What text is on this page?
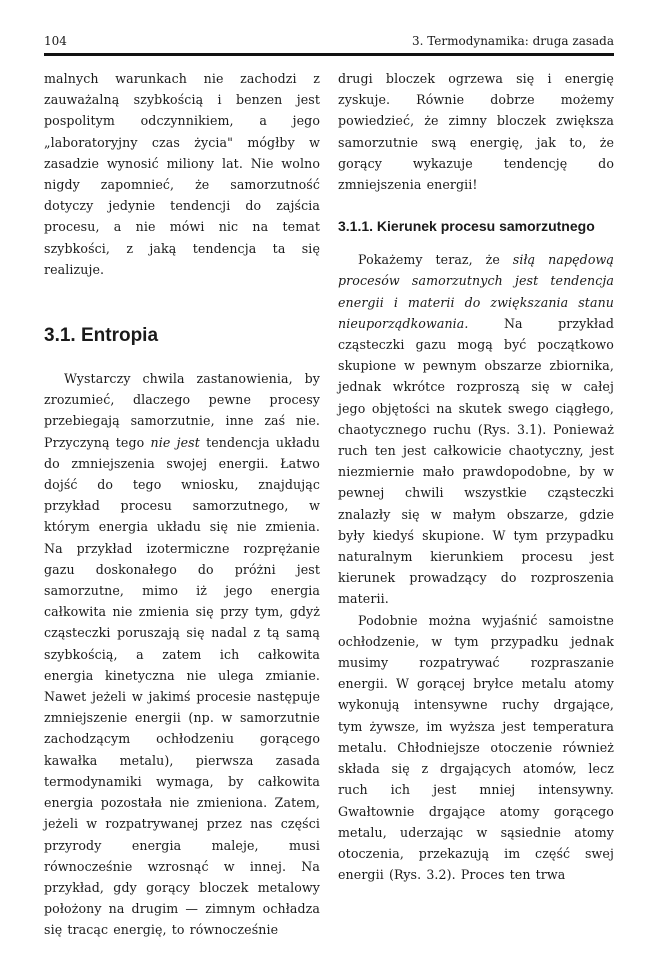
104	3. Termodynamika: druga zasada

malnych warunkach nie zachodzi z zauważalną szybkością i benzen jest pospolitym odczynnikiem, a jego „laboratoryjny czas życia" mógłby w zasadzie wynosić miliony lat. Nie wolno nigdy zapomnieć, że samorzutność dotyczy jedynie tendencji do zajścia procesu, a nie mówi nic na temat szybkości, z jaką tendencja ta się realizuje.

3.1. Entropia

Wystarczy chwila zastanowienia, by zrozumieć, dlaczego pewne procesy przebiegają samorzutnie, inne zaś nie. Przyczyną tego nie jest tendencja układu do zmniejszenia swojej energii. Łatwo dojść do tego wniosku, znajdując przykład procesu samorzutnego, w którym energia układu się nie zmienia. Na przykład izotermiczne rozprężanie gazu doskonałego do próżni jest samorzutne, mimo iż jego energia całkowita nie zmienia się przy tym, gdyż cząsteczki poruszają się nadal z tą samą szybkością, a zatem ich całkowita energia kinetyczna nie ulega zmianie. Nawet jeżeli w jakimś procesie następuje zmniejszenie energii (np. w samorzutnie zachodzącym ochłodzeniu gorącego kawałka metalu), pierwsza zasada termodynamiki wymaga, by całkowita energia pozostała nie zmieniona. Zatem, jeżeli w rozpatrywanej przez nas części przyrody energia maleje, musi równocześnie wzrosnąć w innej. Na przykład, gdy gorący bloczek metalowy położony na drugim — zimnym ochładza się tracąc energię, to równocześnie

drugi bloczek ogrzewa się i energię zyskuje. Równie dobrze możemy powiedzieć, że zimny bloczek zwiększa samorzutnie swą energię, jak to, że gorący wykazuje tendencję do zmniejszenia energii!

3.1.1. Kierunek procesu samorzutnego

Pokażemy teraz, że siłą napędową procesów samorzutnych jest tendencja energii i materii do zwiększania stanu nieuporządkowania. Na przykład cząsteczki gazu mogą być początkowo skupione w pewnym obszarze zbiornika, jednak wkrótce rozproszą się w całej jego objętości na skutek swego ciągłego, chaotycznego ruchu (Rys. 3.1). Ponieważ ruch ten jest całkowicie chaotyczny, jest niezmiernie mało prawdopodobne, by w pewnej chwili wszystkie cząsteczki znalazły się w małym obszarze, gdzie były kiedyś skupione. W tym przypadku naturalnym kierunkiem procesu jest kierunek prowadzący do rozproszenia materii.

Podobnie można wyjaśnić samoistne ochłodzenie, w tym przypadku jednak musimy rozpatrywać rozpraszanie energii. W gorącej bryłce metalu atomy wykonują intensywne ruchy drgające, tym żywsze, im wyższa jest temperatura metalu. Chłodniejsze otoczenie również składa się z drgających atomów, lecz ruch ich jest mniej intensywny. Gwałtownie drgające atomy gorącego metalu, uderzając w sąsiednie atomy otoczenia, przekazują im część swej energii (Rys. 3.2). Proces ten trwa
